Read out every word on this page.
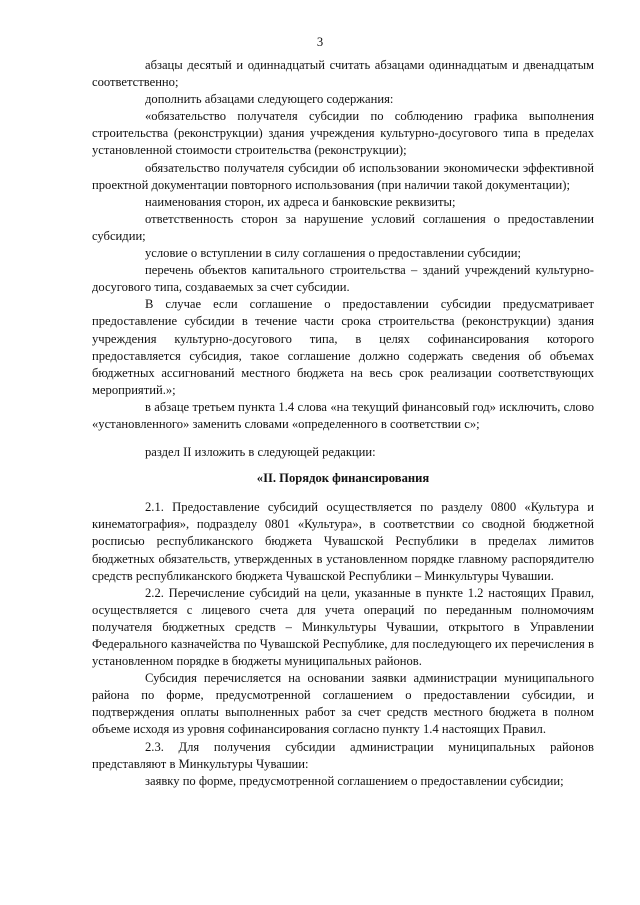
3

абзацы десятый и одиннадцатый считать абзацами одиннадцатым и двенадцатым соответственно;

дополнить абзацами следующего содержания:

«обязательство получателя субсидии по соблюдению графика выполнения строительства (реконструкции) здания учреждения культурно-досугового типа в пределах установленной стоимости строительства (реконструкции);

обязательство получателя субсидии об использовании экономически эффективной проектной документации повторного использования (при наличии такой документации);

наименования сторон, их адреса и банковские реквизиты;

ответственность сторон за нарушение условий соглашения о предоставлении субсидии;

условие о вступлении в силу соглашения о предоставлении субсидии;

перечень объектов капитального строительства – зданий учреждений культурно-досугового типа, создаваемых за счет субсидии.

В случае если соглашение о предоставлении субсидии предусматривает предоставление субсидии в течение части срока строительства (реконструкции) здания учреждения культурно-досугового типа, в целях софинансирования которого предоставляется субсидия, такое соглашение должно содержать сведения об объемах бюджетных ассигнований местного бюджета на весь срок реализации соответствующих мероприятий.»;

в абзаце третьем пункта 1.4 слова «на текущий финансовый год» исключить, слово «установленного» заменить словами «определенного в соответствии с»;

раздел II изложить в следующей редакции:

«II. Порядок финансирования

2.1. Предоставление субсидий осуществляется по разделу 0800 «Культура и кинематография», подразделу 0801 «Культура», в соответствии со сводной бюджетной росписью республиканского бюджета Чувашской Республики в пределах лимитов бюджетных обязательств, утвержденных в установленном порядке главному распорядителю средств республиканского бюджета Чувашской Республики – Минкультуры Чувашии.

2.2. Перечисление субсидий на цели, указанные в пункте 1.2 настоящих Правил, осуществляется с лицевого счета для учета операций по переданным полномочиям получателя бюджетных средств – Минкультуры Чувашии, открытого в Управлении Федерального казначейства по Чувашской Республике, для последующего их перечисления в установленном порядке в бюджеты муниципальных районов.

Субсидия перечисляется на основании заявки администрации муниципального района по форме, предусмотренной соглашением о предоставлении субсидии, и подтверждения оплаты выполненных работ за счет средств местного бюджета в полном объеме исходя из уровня софинансирования согласно пункту 1.4 настоящих Правил.

2.3. Для получения субсидии администрации муниципальных районов представляют в Минкультуры Чувашии:

заявку по форме, предусмотренной соглашением о предоставлении субсидии;
